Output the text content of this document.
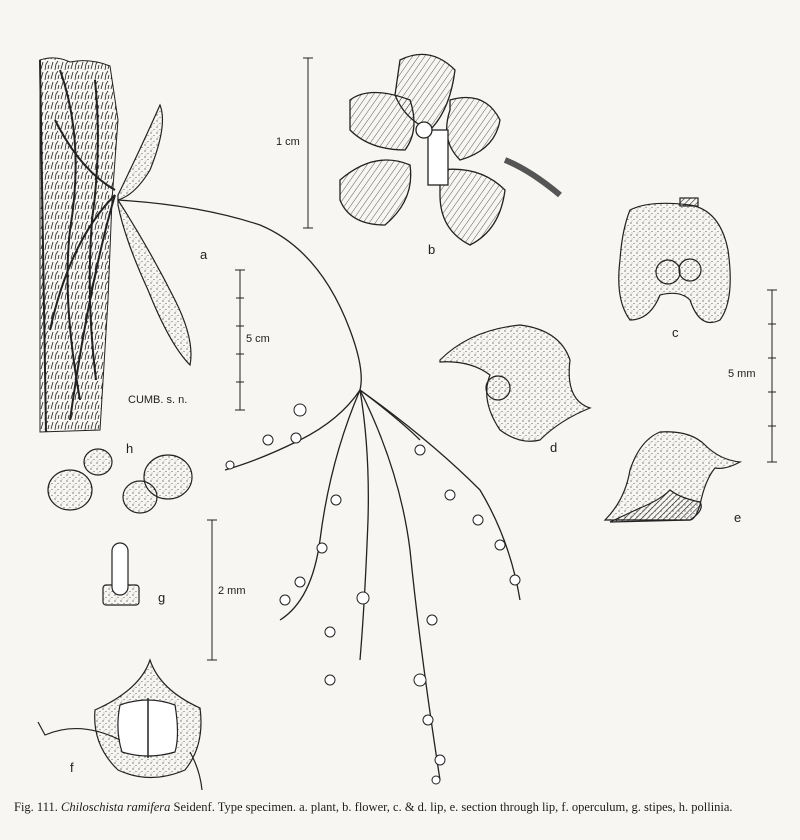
a	b
c
d
e
f
g
h
1 cm
5 cm
5 mm
2 mm
CUMB. s. n.
Fig. 111. Chiloschista ramifera Seidenf. Type specimen. a. plant, b. flower, c. & d. lip, e. section through lip, f. operculum, g. stipes, h. pollinia.
